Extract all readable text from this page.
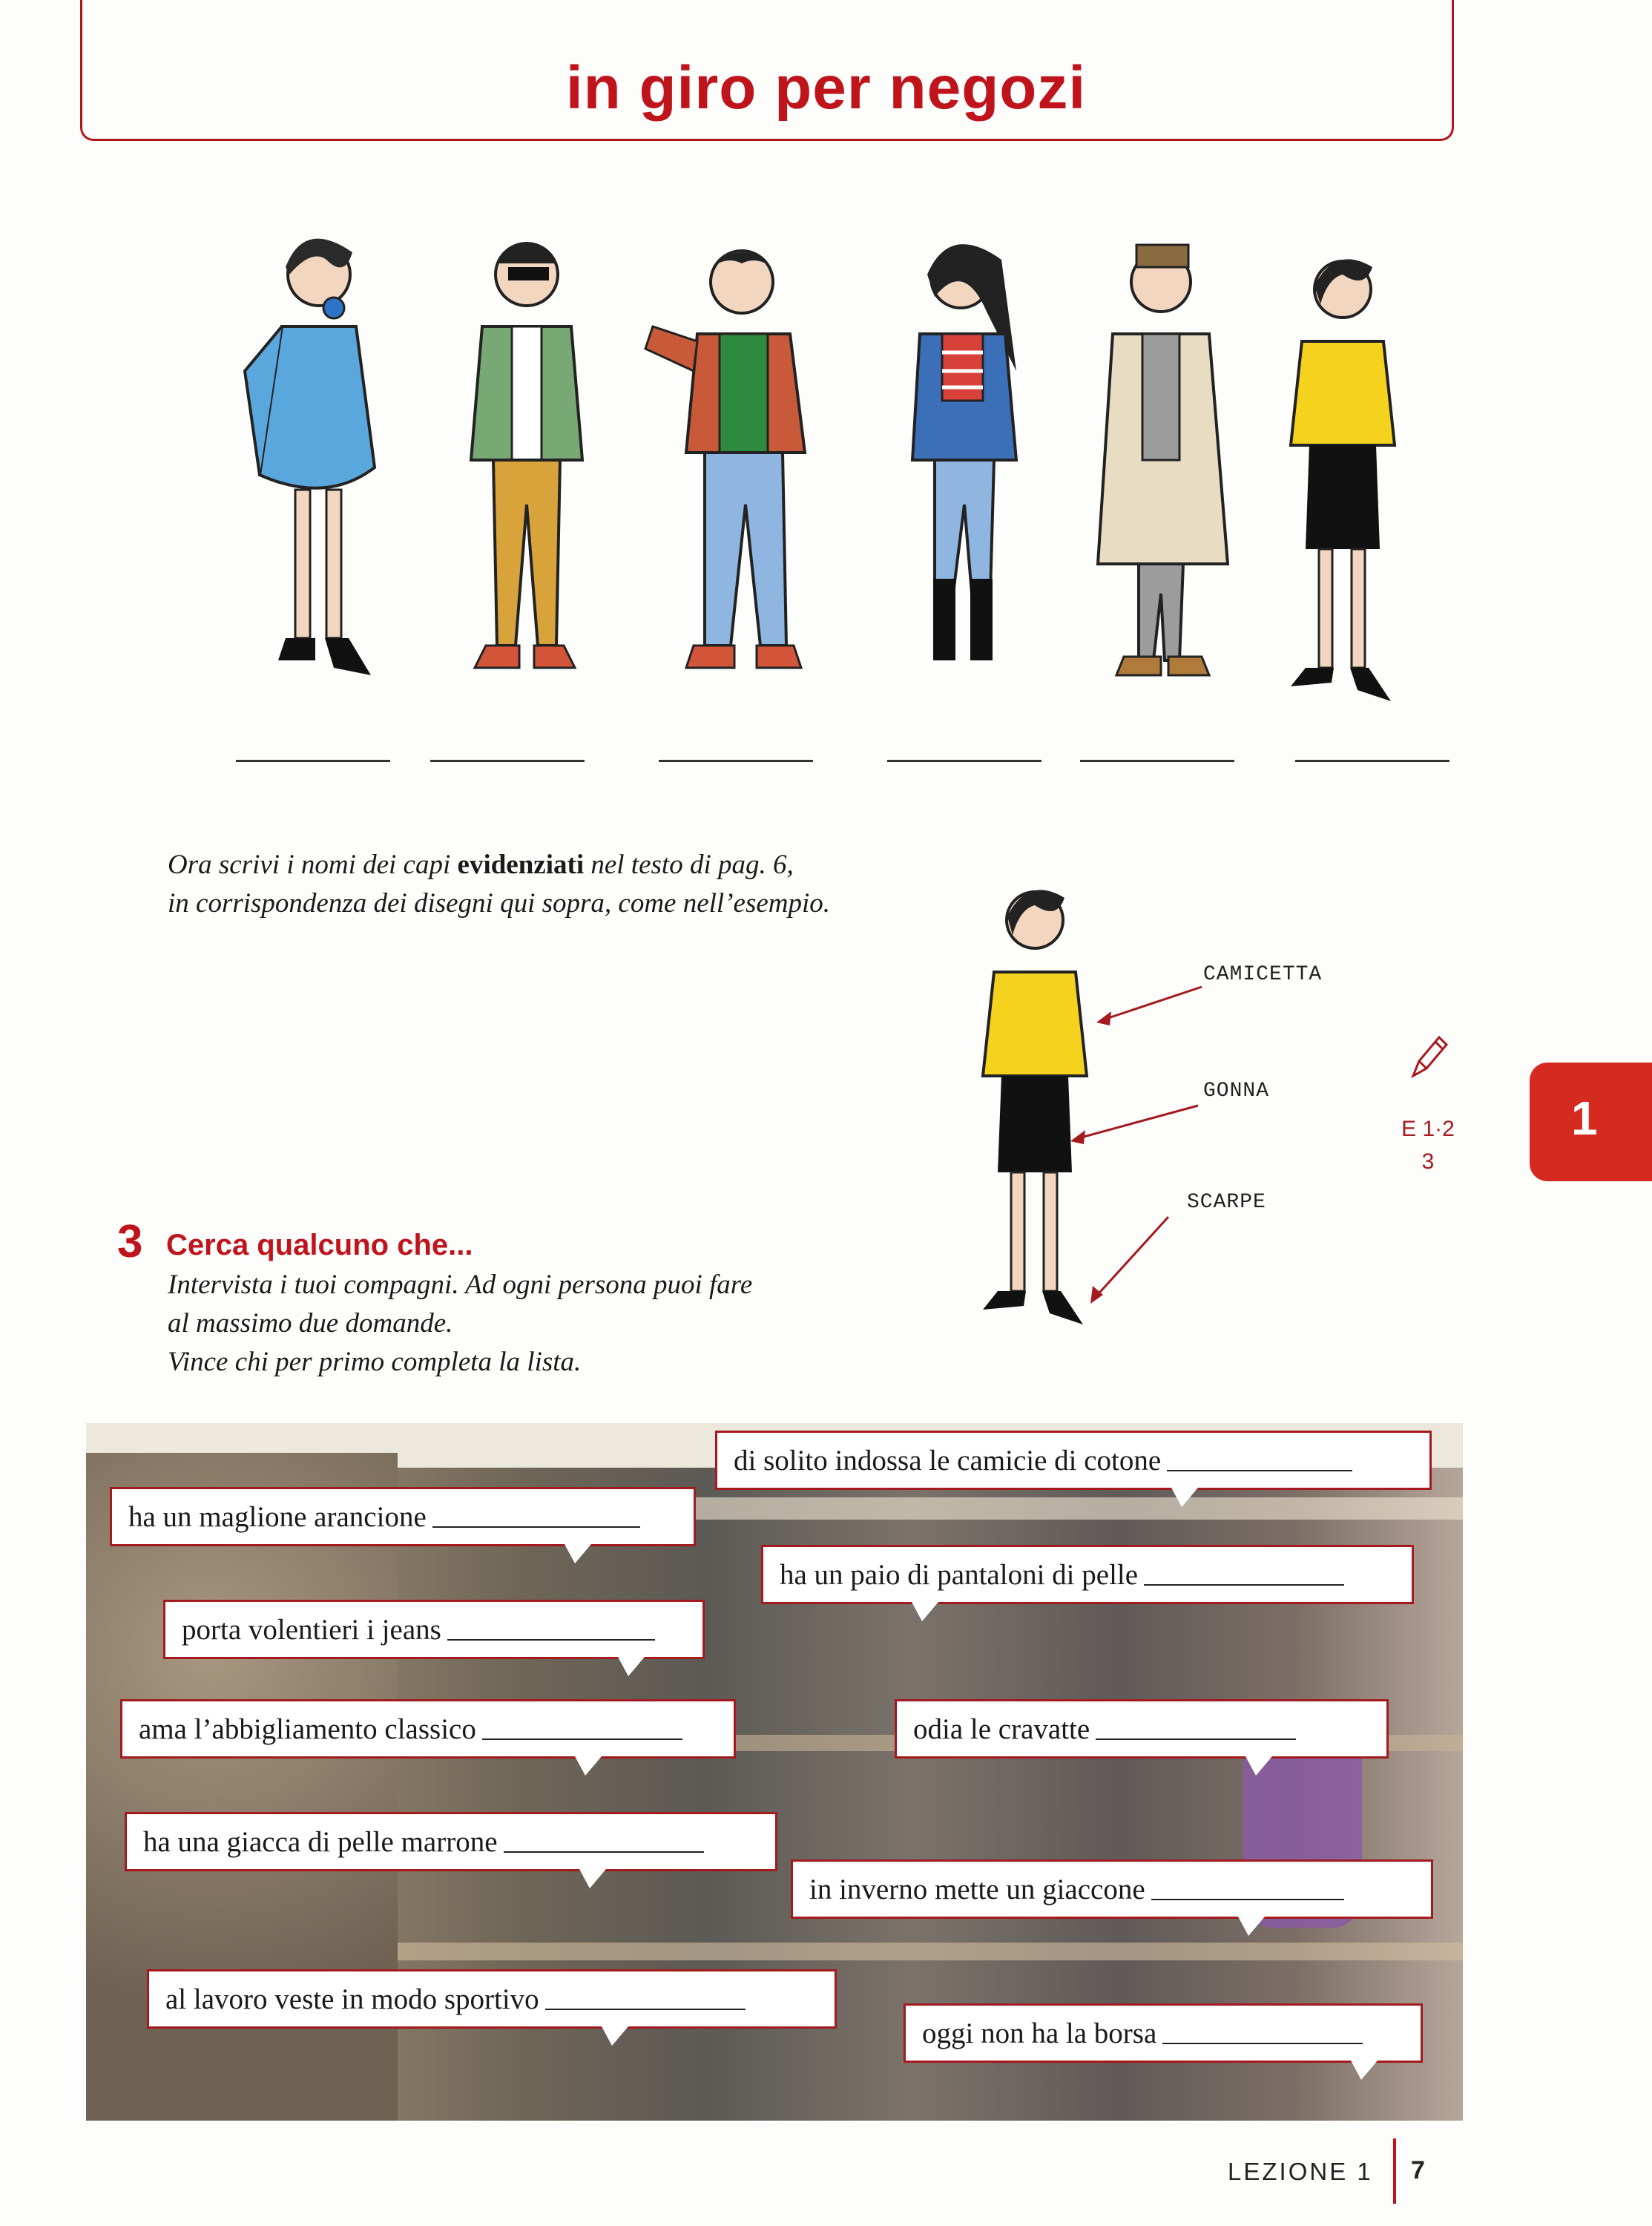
in giro per negozi
Ora scrivi i nomi dei capi evidenziati nel testo di pag. 6,
in corrispondenza dei disegni qui sopra, come nell’esempio.
CAMICETTA
GONNA
SCARPE
E 1·2
3
1
3 Cerca qualcuno che...
Intervista i tuoi compagni. Ad ogni persona puoi fare
al massimo due domande.
Vince chi per primo completa la lista.
ha un maglione arancione
di solito indossa le camicie di cotone
porta volentieri i jeans
ha un paio di pantaloni di pelle
ama l’abbigliamento classico	odia le cravatte
ha una giacca di pelle marrone
in inverno mette un giaccone
al lavoro veste in modo sportivo
oggi non ha la borsa
LEZIONE 1 7
